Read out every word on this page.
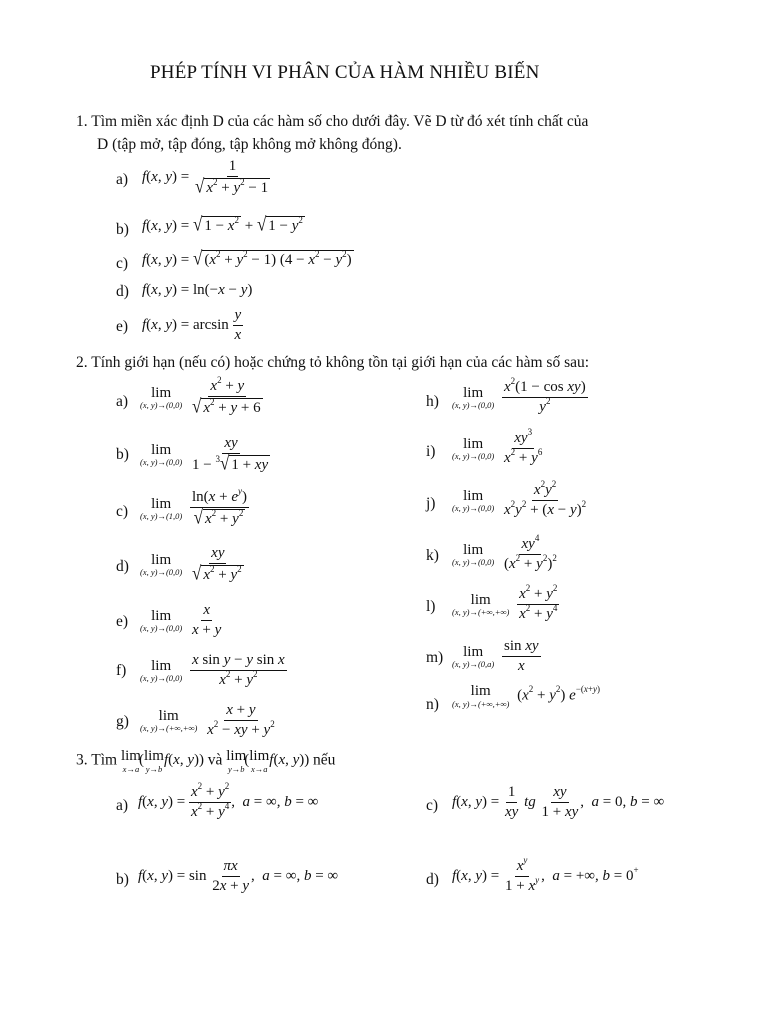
PHÉP TÍNH VI PHÂN CỦA HÀM NHIỀU BIẾN
1. Tìm miền xác định D của các hàm số cho dưới đây. Vẽ D từ đó xét tính chất của
D (tập mở, tập đóng, tập không mở không đóng).
a) f(x, $y) = \frac{1}{√ x^2 + y^2 - 1}$
b) f(x, y) = √ $1 - x^2$ + √ $1 - y^2$
c) f(x, y) = √ $(x^2 + y^2 - 1) (4 - x^2 - y^2)$
d) f(x, y) = ln(−x − y)
e) f(x, $y) = \arcsin \frac{y}{x}$
2. Tính giới hạn (nếu có) hoặc chứng tỏ không tồn tại giới hạn của các hàm số sau:
a)
lim
(x, y)→(0,0)
$\frac{x^2 + y}{√ x^2 + y + 6}$
b) lim
(x, y)→(0,0)
$\frac{xy}{1 - ^3 √ 1 + xy}$
c) lim
(x, y)→(1,0)
$\frac{\ln(x + e^y)}{√ x^2 + y^2}$
d) lim
(x, y)→(0,0)
$\frac{xy}{√ x^2 + y^2}$
e) lim
(x, y)→(0,0)
$\frac{x}{x + y}$
f) lim
(x, y)→(0,0)
$\frac{\text{x sin y − y sin x}}{x^2 + y^2}$
g) lim
(x, y)→(+∞,+∞)
$\frac{x + y}{x^2 - xy + y^2}$
h)
lim
(x, y)→(0,0)
$\frac{x^2(1 - \cos xy)}{y^2}$
i) lim
(x, y)→(0,0)
$\frac{xy^3}{x^2 + y^6}$
j) lim
(x, y)→(0,0)
$\frac{x^2y^2}{x^2y^2 + (x - y)^2}$
k) lim
(x, y)→(0,0)
$\frac{xy^4}{(x^2 + y^2)^2}$
l) lim
(x, y)→(+∞,+∞)
$\frac{x^2 + y^2}{x^2 + y^4}$
m) lim
(x, y)→(0,a)
$\frac{\text{sin xy}}{x}$
n)
lim
(x, y)→(+∞,+∞)
$(x^2 + y^2)$ $e^{-(x+y)}$
3. Tìm lim
x→a
( lim
y→b
f(x, y)) và lim
y→b
( lim
x→a
f(x, y)) nếu
a) f(x, $y) = \frac{x^2 + y^2}{x^2 + y^4}$ ,  a = ∞, b = ∞	c) f(x, $y) = \frac{1}{xy}$ tg $\frac{xy}{1 + xy}$ ,  a = 0, b = ∞
b) f(x, $y) = \sin \frac{\pi x}{2x + y}$ ,  a = ∞, b = ∞	d) f(x, $y) = \frac{x^y}{1 + x^y}$ ,  a = +∞, b = 0+
